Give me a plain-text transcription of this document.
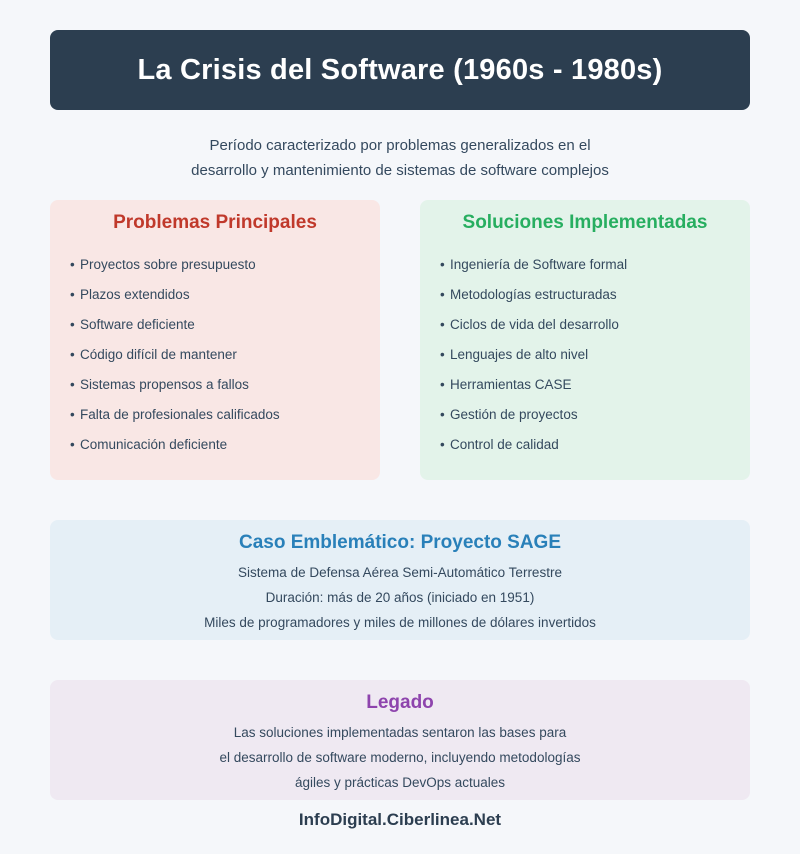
La Crisis del Software (1960s - 1980s)
Período caracterizado por problemas generalizados en el
desarrollo y mantenimiento de sistemas de software complejos
Problemas Principales
• Proyectos sobre presupuesto
• Plazos extendidos
• Software deficiente
• Código difícil de mantener
• Sistemas propensos a fallos
• Falta de profesionales calificados
• Comunicación deficiente
Soluciones Implementadas
• Ingeniería de Software formal
• Metodologías estructuradas
• Ciclos de vida del desarrollo
• Lenguajes de alto nivel
• Herramientas CASE
• Gestión de proyectos
• Control de calidad
Caso Emblemático: Proyecto SAGE
Sistema de Defensa Aérea Semi-Automático Terrestre
Duración: más de 20 años (iniciado en 1951)
Miles de programadores y miles de millones de dólares invertidos
Legado
Las soluciones implementadas sentaron las bases para
el desarrollo de software moderno, incluyendo metodologías
ágiles y prácticas DevOps actuales
InfoDigital.Ciberlinea.Net
